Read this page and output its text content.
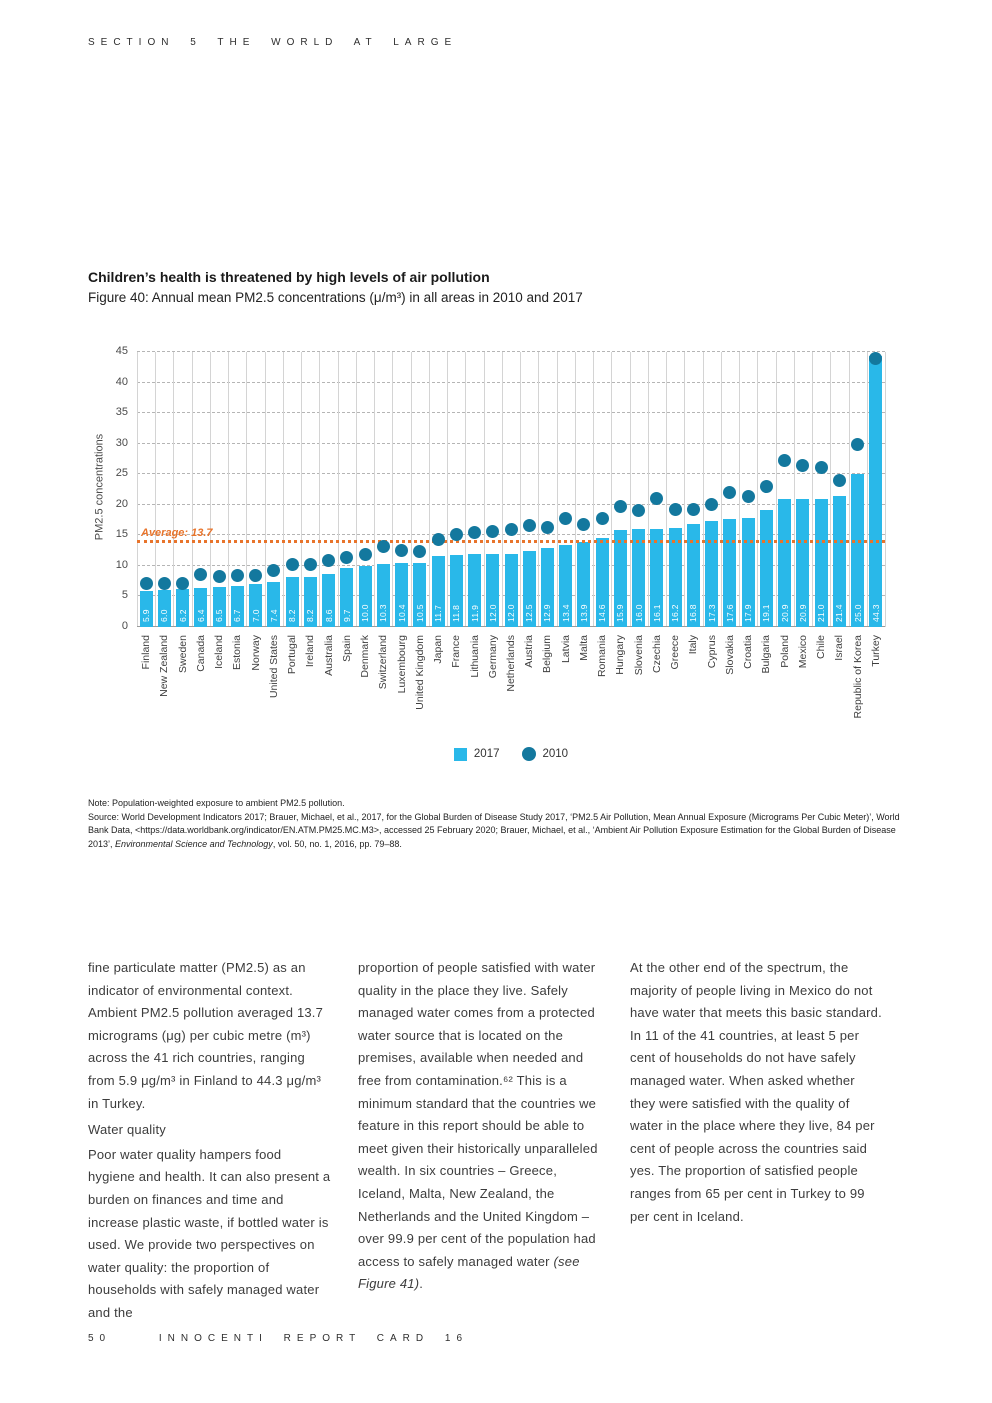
SECTION 5 THE WORLD AT LARGE
Children’s health is threatened by high levels of air pollution
Figure 40: Annual mean PM2.5 concentrations (μ/m³) in all areas in 2010 and 2017
PM2.5 concentrations
0
5
10
15
20
25
30
35
40
45
5.9 6.0 6.2 6.4 6.5 6.7 7.0 7.4 8.2 8.2 8.6 9.7 10.0 10.3 10.4 10.5 11.7 11.8 11.9 12.0 12.0 12.5 12.9 13.4 13.9 14.6 15.9 16.0 16.1 16.2 16.8 17.3 17.6 17.9 19.1 20.9 20.9 21.0 21.4 25.0 44.3
Average: 13.7
Finland New Zealand Sweden Canada Iceland Estonia Norway United States Portugal Ireland Australia Spain Denmark Switzerland Luxembourg United Kingdom Japan France Lithuania Germany Netherlands Austria Belgium Latvia Malta Romania Hungary Slovenia Czechia Greece Italy Cyprus Slovakia Croatia Bulgaria Poland Mexico Chile Israel Republic of Korea Turkey
2017	2010
Note: Population-weighted exposure to ambient PM2.5 pollution.
Source: World Development Indicators 2017; Brauer, Michael, et al., 2017, for the Global Burden of Disease Study 2017, ‘PM2.5 Air Pollution, Mean Annual Exposure (Micrograms Per Cubic Meter)’, World Bank Data, <https://data.worldbank.org/indicator/EN.ATM.PM25.MC.M3>, accessed 25 February 2020; Brauer, Michael, et al., ‘Ambient Air Pollution Exposure Estimation for the Global Burden of Disease 2013’, Environmental Science and Technology, vol. 50, no. 1, 2016, pp. 79–88.

fine particulate matter (PM2.5) as an indicator of environmental context. Ambient PM2.5 pollution averaged 13.7 micrograms (μg) per cubic metre (m³) across the 41 rich countries, ranging from 5.9 μg/m³ in Finland to 44.3 μg/m³ in Turkey.

Water quality

Poor water quality hampers food hygiene and health. It can also present a burden on finances and time and increase plastic waste, if bottled water is used. We provide two perspectives on water quality: the proportion of households with safely managed water and the

proportion of people satisfied with water quality in the place they live. Safely managed water comes from a protected water source that is located on the premises, available when needed and free from contamination.⁶² This is a minimum standard that the countries we feature in this report should be able to meet given their historically unparalleled wealth. In six countries – Greece, Iceland, Malta, New Zealand, the Netherlands and the United Kingdom – over 99.9 per cent of the population had access to safely managed water (see Figure 41).

At the other end of the spectrum, the majority of people living in Mexico do not have water that meets this basic standard. In 11 of the 41 countries, at least 5 per cent of households do not have safely managed water. When asked whether they were satisfied with the quality of water in the place where they live, 84 per cent of people across the countries said yes. The proportion of satisfied people ranges from 65 per cent in Turkey to 99 per cent in Iceland.

50	INNOCENTI REPORT CARD 16
